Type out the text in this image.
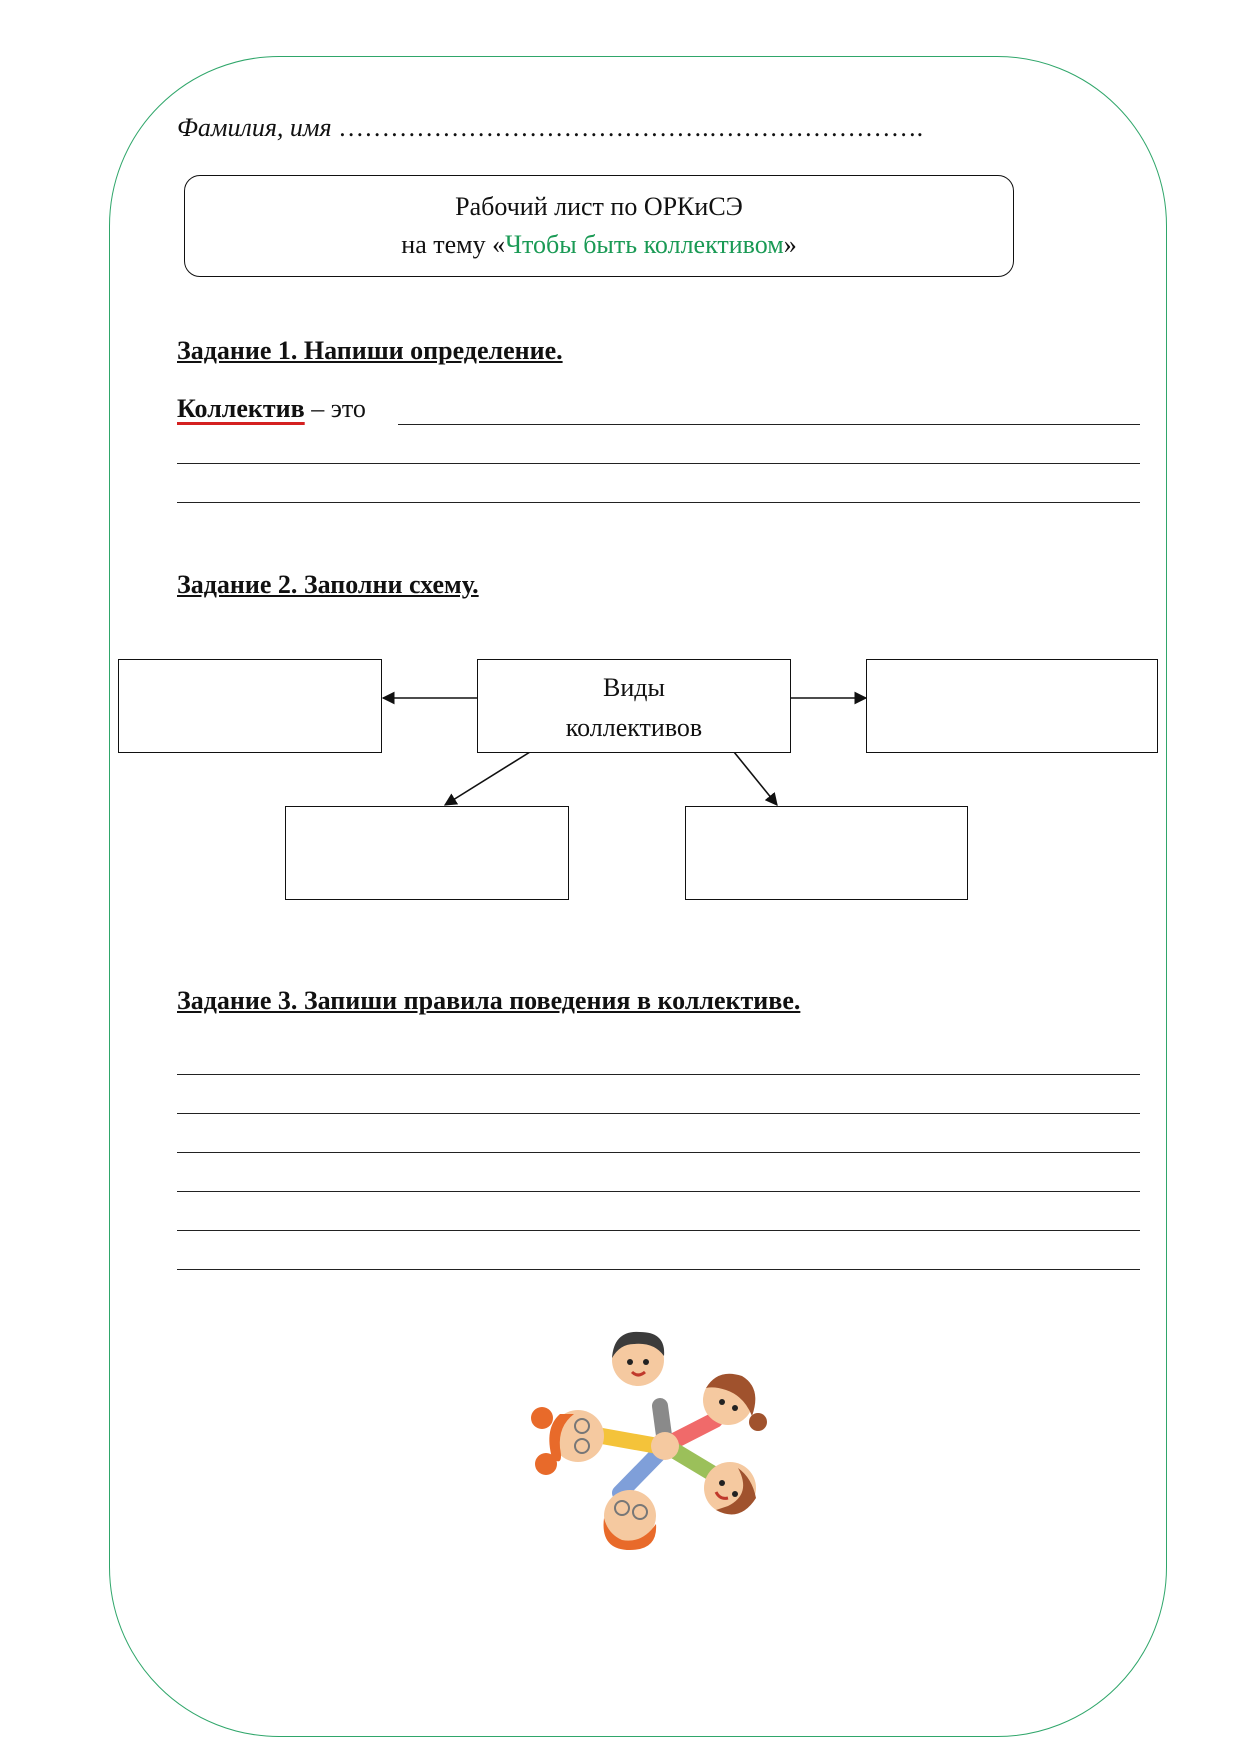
Фамилия, имя …………………………………….…………………….
Рабочий лист по ОРКиСЭ
на тему «Чтобы быть коллективом»
Задание 1. Напиши определение.
Коллектив – это
Задание 2. Заполни схему.
Виды
коллективов
Задание 3. Запиши правила поведения в коллективе.
